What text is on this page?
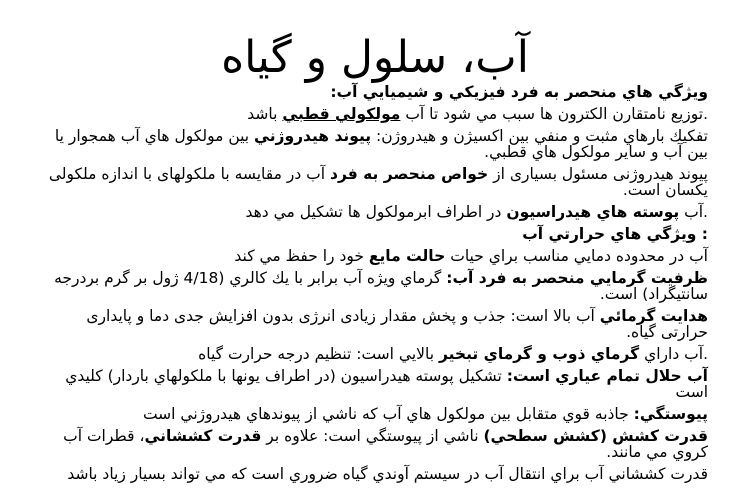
آب، سلول و گياه
ويژگي هاي منحصر به فرد فيزيكي و شيميايي آب:
.توزيع نامتقارن الكترون ها سبب مي شود تا آب مولكولي قطبي باشد
تفكيك بارهاي مثبت و منفي بين اكسيژن و هيدروژن: پيوند هيدروژني بين مولكول هاي آب همجوار يا بين آب و ساير مولكول هاي قطبي.
پیوند هیدروژنی مسئول بسیاری از خواص منحصر به فرد آب در مقایسه با ملکولهای با اندازه ملکولی یکسان است.
.آب پوسته هاي هيدراسيون در اطراف ابرمولكول ها تشكيل مي دهد
: ويژگي هاي حرارتي آب
آب در محدوده دمايي مناسب براي حيات حالت مايع خود را حفظ مي كند
ظرفيت گرمايي منحصر به فرد آب: گرماي ويژه آب برابر با يك كالري (4/18 ژول بر گرم بردرجه سانتيگراد) است.
هدايت گرمائي آب بالا است: جذب و پخش مقدار زیادی انرژی بدون افزایش جدی دما و پایداری حرارتی گیاه.
.آب داراي گرماي ذوب و گرماي تبخير بالايي است: تنظيم درجه حرارت گياه
آب حلال تمام عياري است: تشكيل پوسته هيدراسيون (در اطراف يونها با ملكولهاي باردار) كليدي است
پيوستگي: جاذبه قوي متقابل بين مولكول هاي آب كه ناشي از پيوندهاي هيدروژني است
قدرت كشش (كشش سطحي) ناشي از پيوستگي است: علاوه بر قدرت كششاني، قطرات آب كروي مي مانند.
قدرت كششاني آب براي انتقال آب در سيستم آوندي گياه ضروري است كه مي تواند بسيار زياد باشد
